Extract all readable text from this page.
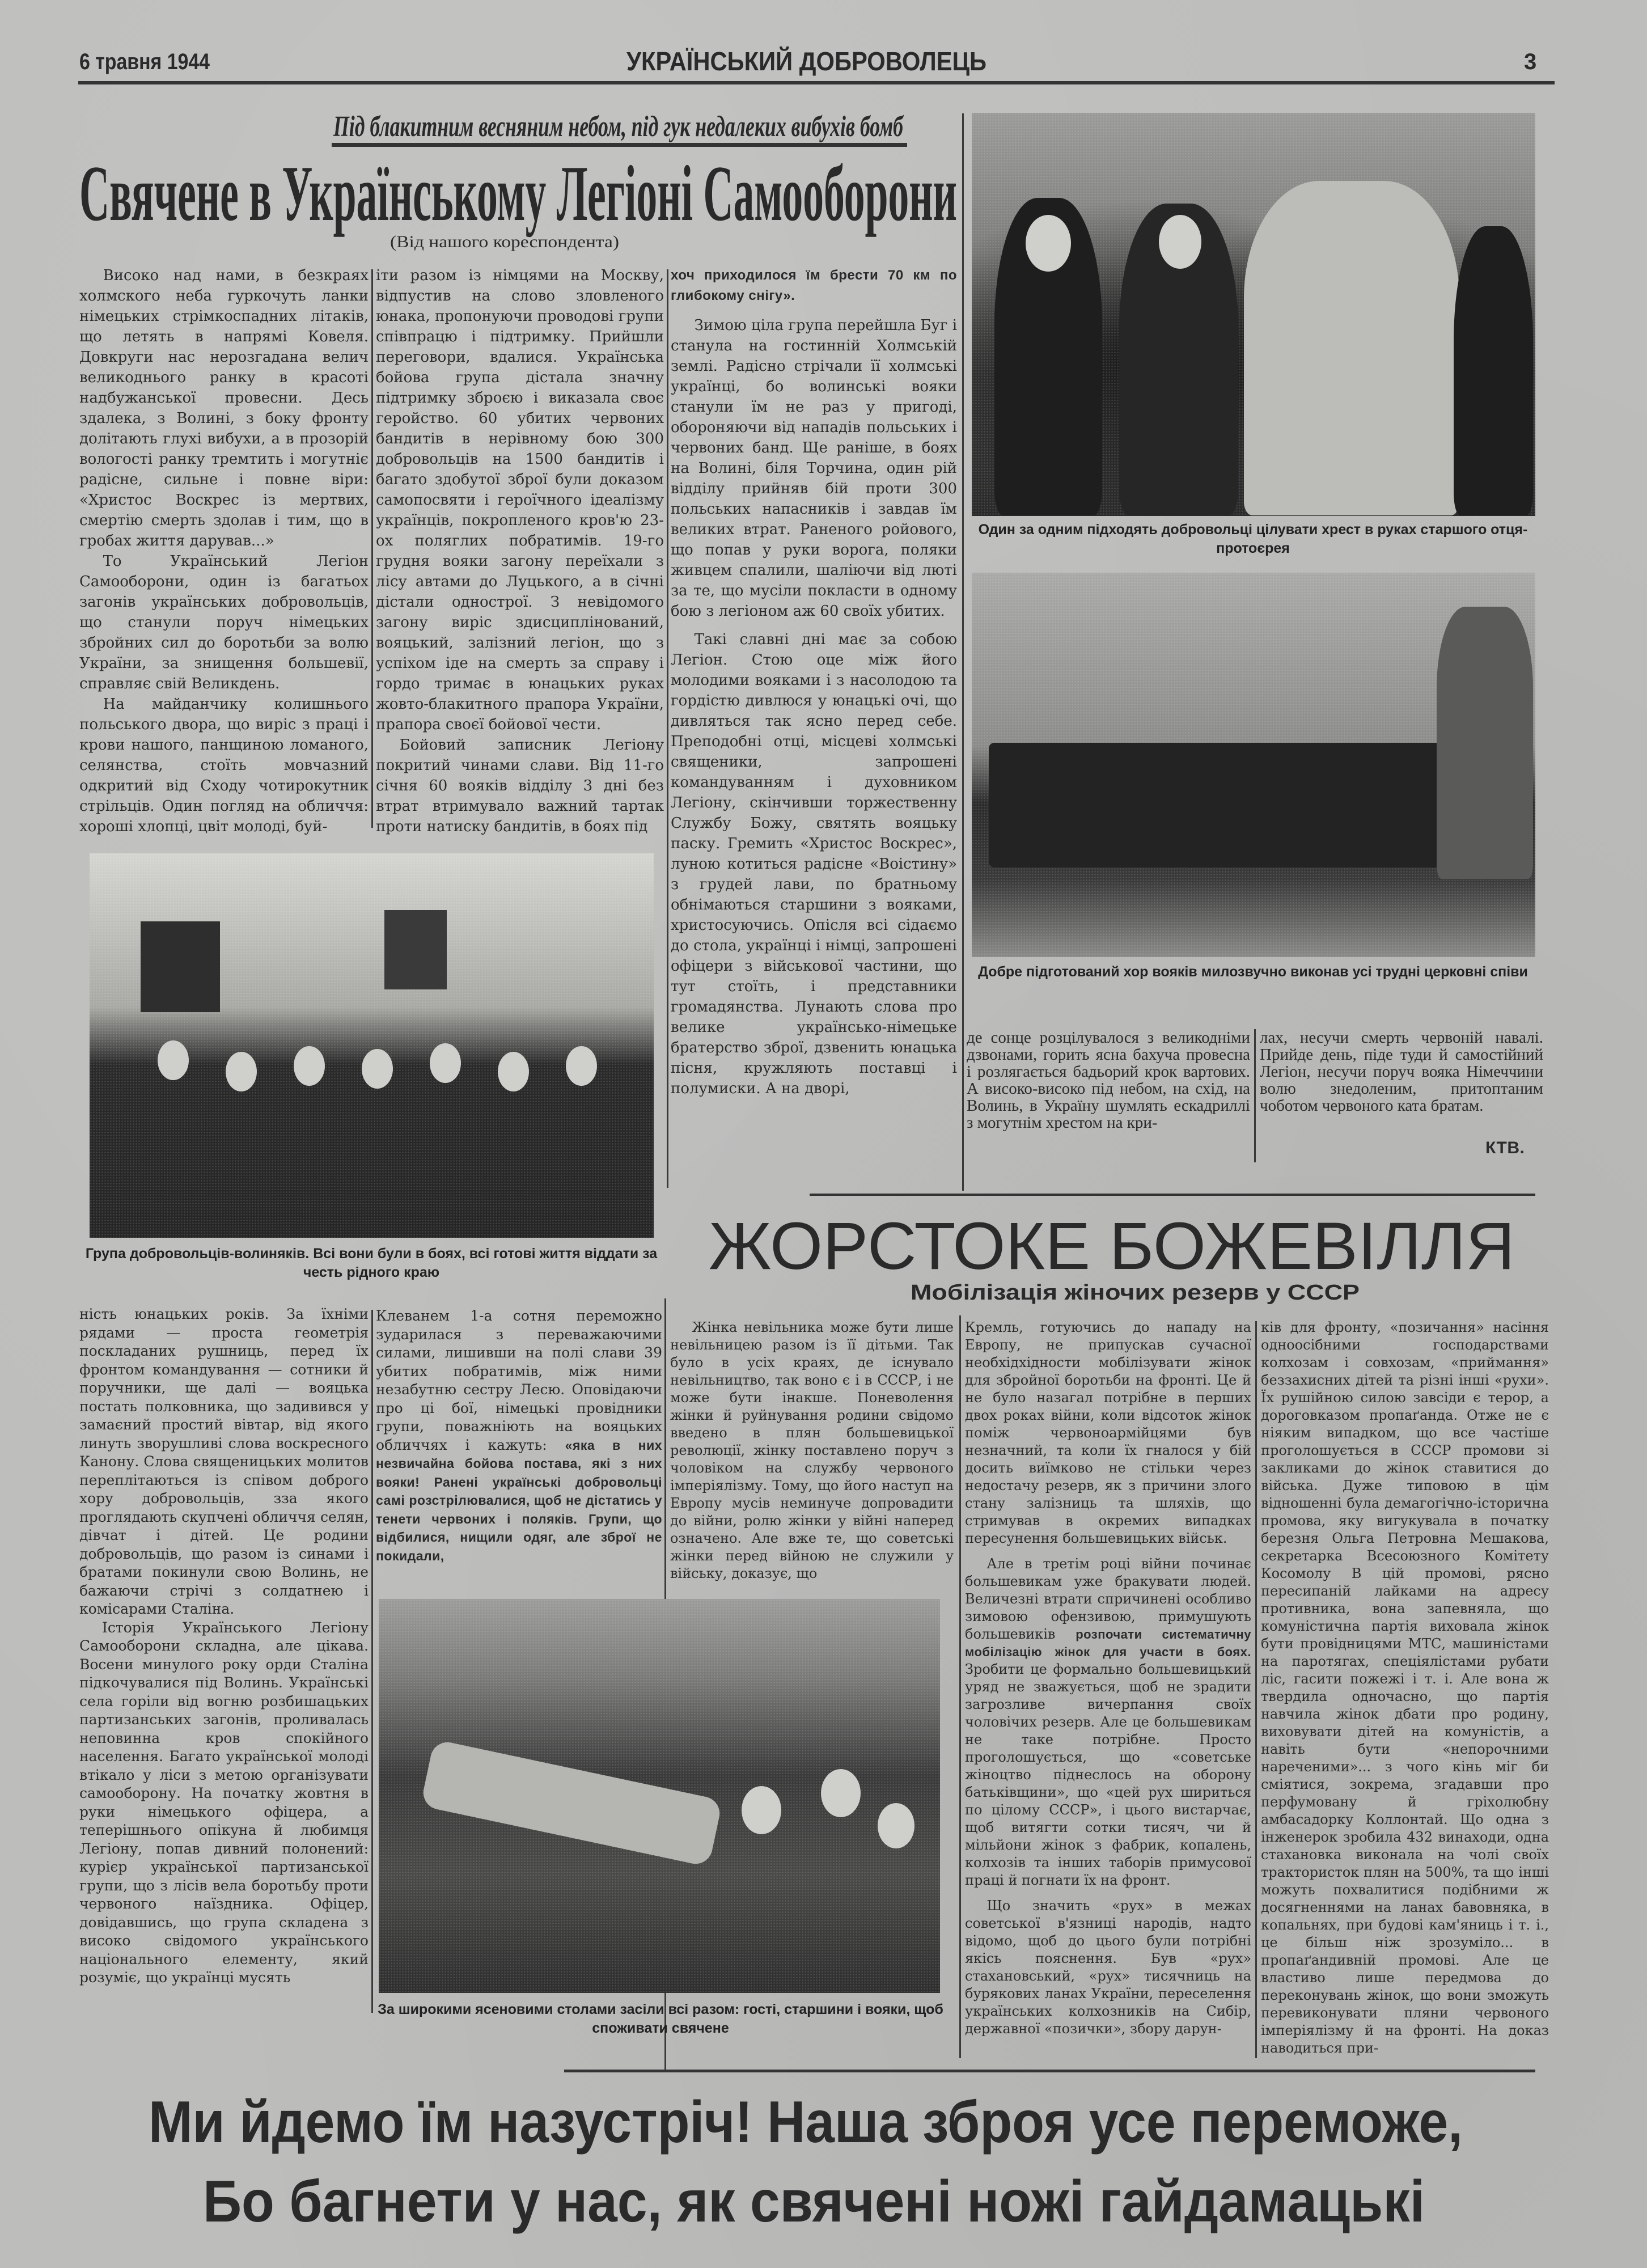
6 травня 1944	УКРАЇНСЬКИЙ ДОБРОВОЛЕЦЬ	3
Під блакитним весняним небом, під гук недалеких вибухів бомб
Свячене в Українському Легіоні Самооборони
(Від нашого кореспондента)

Високо над нами, в безкраях холмского неба гуркочуть ланки німецьких стрімкоспадних літаків, що летять в напрямі Ковеля. Довкруги нас нерозгадана велич великоднього ранку в красоті надбужанської провесни. Десь здалека, з Волині, з боку фронту долітають глухі вибухи, а в прозорій вологості ранку тремтить і могутніє радісне, сильне і повне віри: «Христос Воскрес із мертвих, смертію смерть здолав і тим, що в гробах життя дарував...»

То Український Легіон Самооборони, один із багатьох загонів українських добровольців, що станули поруч німецьких збройних сил до боротьби за волю України, за знищення большевії, справляє свій Великдень.

На майданчику колишнього польського двора, що виріс з праці і крови нашого, панщиною ломаного, селянства, стоїть мовчазний одкритий від Сходу чотирокутник стрільців. Один погляд на обличчя: хороші хлопці, цвіт молоді, буй-

іти разом із німцями на Москву, відпустив на слово зловленого юнака, пропонуючи проводові групи співпрацю і підтримку. Прийшли переговори, вдалися. Українська бойова група дістала значну підтримку зброєю і виказала своє геройство. 60 убитих червоних бандитів в нерівному бою 300 добровольців на 1500 бандитів і багато здобутої зброї були доказом самопосвяти і героїчного ідеалізму українців, покропленого кров'ю 23-ох поляглих побратимів. 19-го грудня вояки загону переїхали з лісу автами до Луцького, а в січні дістали однострої. З невідомого загону виріс здисциплінований, вояцький, залізний легіон, що з успіхом іде на смерть за справу і гордо тримає в юнацьких руках жовто-блакитного прапора України, прапора своєї бойової чести.

Бойовий записник Легіону покритий чинами слави. Від 11-го січня 60 вояків відділу 3 дні без втрат втримувало важний тартак проти натиску бандитів, в боях під

хоч приходилося їм брести 70 км по глибокому снігу».

Зимою ціла група перейшла Буг і станула на гостинній Холмській землі. Радісно стрічали її холмські українці, бо волинські вояки станули їм не раз у пригоді, обороняючи від нападів польських і червоних банд. Ще раніше, в боях на Волині, біля Торчина, один рій відділу прийняв бій проти 300 польських напасників і завдав їм великих втрат. Раненого ройового, що попав у руки ворога, поляки живцем спалили, шаліючи від люті за те, що мусіли покласти в одному бою з легіоном аж 60 своїх убитих.

Такі славні дні має за собою Легіон. Стою оце між його молодими вояками і з насолодою та гордістю дивлюся у юнацькі очі, що дивляться так ясно перед себе. Преподобні отці, місцеві холмські священики, запрошені командуванням і духовником Легіону, скінчивши торжественну Службу Божу, святять вояцьку паску. Гремить «Христос Воскрес», луною котиться радісне «Воістину» з грудей лави, по братньому обнімаються старшини з вояками, христосуючись. Опісля всі сідаємо до стола, українці і німці, запрошені офіцери з військової частини, що тут стоїть, і представники громадянства. Лунають слова про велике українсько-німецьке братерство зброї, дзвенить юнацька пісня, кружляють поставці і полумиски. А на дворі,

Один за одним підходять добровольці цілувати хрест в руках старшого отця-протоєрея
Добре підготований хор вояків милозвучно виконав усі трудні церковні співи

де сонце розцілувалося з великодніми дзвонами, горить ясна бахуча провесна і розлягається бадьорий крок вартових. А високо-високо під небом, на схід, на Волинь, в Україну шумлять ескадриллі з могутнім хрестом на кри-

лах, несучи смерть червоній навалі. Прийде день, піде туди й самостійний Легіон, несучи поруч вояка Німеччини волю знедоленим, притоптаним чоботом червоного ката братам.

КТВ.
Група добровольців-волиняків. Всі вони були в боях, всі готові життя віддати за честь рідного краю	ЖОРСТОКЕ БОЖЕВІЛЛЯ
Мобілізація жіночих резерв у СССР

ність юнацьких років. За їхніми рядами — проста геометрія поскладаних рушниць, перед їх фронтом командування — сотники й поручники, ще далі — вояцька постать полковника, що задивився у замаєний простий вівтар, від якого линуть зворушливі слова воскресного Канону. Слова священицьких молитов переплітаються із співом доброго хору добровольців, зза якого проглядають скупчені обличчя селян, дівчат і дітей. Це родини добровольців, що разом із синами і братами покинули свою Волинь, не бажаючи стрічі з солдатнею і комісарами Сталіна.

Історія Українського Легіону Самооборони складна, але цікава. Восени минулого року орди Сталіна підкочувалися під Волинь. Українські села горіли від вогню розбишацьких партизанських загонів, проливалась неповинна кров спокійного населення. Багато української молоді втікало у ліси з метою організувати самооборону. На початку жовтня в руки німецького офіцера, а теперішнього опікуна й любимця Легіону, попав дивний полонений: курієр української партизанської групи, що з лісів вела боротьбу проти червоного наїздника. Офіцер, довідавшись, що група складена з високо свідомого українського національного елементу, який розуміє, що українці мусять

Клеванем 1-а сотня переможно зударилася з переважаючими силами, лишивши на полі слави 39 убитих побратимів, між ними незабутню сестру Лесю. Оповідаючи про ці бої, німецькі провідники групи, поважніють на вояцьких обличчях і кажуть: «яка в них незвичайна бойова постава, які з них вояки! Ранені українські добровольці самі розстрілювалися, щоб не дістатись у тенети червоних і поляків. Групи, що відбилися, нищили одяг, але зброї не покидали,

За широкими ясеновими столами засіли всі разом: гості, старшини і вояки, щоб споживати свячене

Жінка невільника може бути лише невільницею разом із її дітьми. Так було в усіх краях, де існувало невільництво, так воно є і в СССР, і не може бути інакше. Поневолення жінки й руйнування родини свідомо введено в плян большевицької революції, жінку поставлено поруч з чоловіком на службу червоного імперіялізму. Тому, що його наступ на Европу мусів неминуче допровадити до війни, ролю жінки у війні наперед означено. Але вже те, що советські жінки перед війною не служили у війську, доказує, що

Кремль, готуючись до нападу на Европу, не припускав сучасної необхідхідности мобілізувати жінок для збройної боротьби на фронті. Це й не було назагал потрібне в перших двох роках війни, коли відсоток жінок поміж червоноармійцями був незначний, та коли їх гналося у бій досить виїмково не стільки через недостачу резерв, як з причини злого стану залізниць та шляхів, що стримував в окремих випадках пересунення большевицьких військ.

Але в третім році війни починає большевикам уже бракувати людей. Величезні втрати спричинені особливо зимовою офензивою, примушують большевиків розпочати систематичну мобілізацію жінок для участи в боях. Зробити це формально большевицький уряд не зважується, щоб не зрадити загрозливе вичерпання своїх чоловічих резерв. Але це большевикам не таке потрібне. Просто проголошується, що «советське жіноцтво піднеслось на оборону батьківщини», що «цей рух шириться по цілому СССР», і цього вистарчає, щоб витягти сотки тисяч, чи й мільйони жінок з фабрик, копалень, колхозів та інших таборів примусової праці й погнати їх на фронт.

Що значить «рух» в межах советської в'язниці народів, надто відомо, щоб до цього були потрібні якісь пояснення. Був «рух» стахановський, «рух» тисячниць на бурякових ланах України, переселення українських колхозників на Сибір, державної «позички», збору дарун-

ків для фронту, «позичання» насіння одноосібними господарствами колхозам і совхозам, «приймання» беззахисних дітей та різні інші «рухи». Їх рушійною силою завсіди є терор, а дороговказом пропаґанда. Отже не є ніяким випадком, що все частіше проголошується в СССР промови зі закликами до жінок ставитися до війська. Дуже типовою в цім відношенні була демагогічно-історична промова, яку вигукувала в початку березня Ольга Петровна Мешакова, секретарка Всесоюзного Комітету Косомолу В цій промові, рясно пересипаній лайками на адресу противника, вона запевняла, що комуністична партія виховала жінок бути провідницями МТС, машиністами на паротягах, спеціялістами рубати ліс, гасити пожежі і т. і. Але вона ж твердила одночасно, що партія навчила жінок дбати про родину, виховувати дітей на комуністів, а навіть бути «непорочними нареченими»... з чого кінь міг би сміятися, зокрема, згадавши про перфумовану й гріхолюбну амбасадорку Коллонтай. Що одна з інженерок зробила 432 винаходи, одна стахановка виконала на чолі своїх трактористок плян на 500%, та що інші можуть похвалитися подібними ж досягненнями на ланах бавовняка, в копальнях, при будові кам'яниць і т. і., це більш ніж зрозуміло... в пропаґандивній промові. Але це властиво лише передмова до переконувань жінок, що вони зможуть перевиконувати пляни червоного імперіялізму й на фронті. На доказ наводиться при-

Ми йдемо їм назустріч! Наша зброя усе переможе,
Бо багнети у нас, як свячені ножі гайдамацькі
